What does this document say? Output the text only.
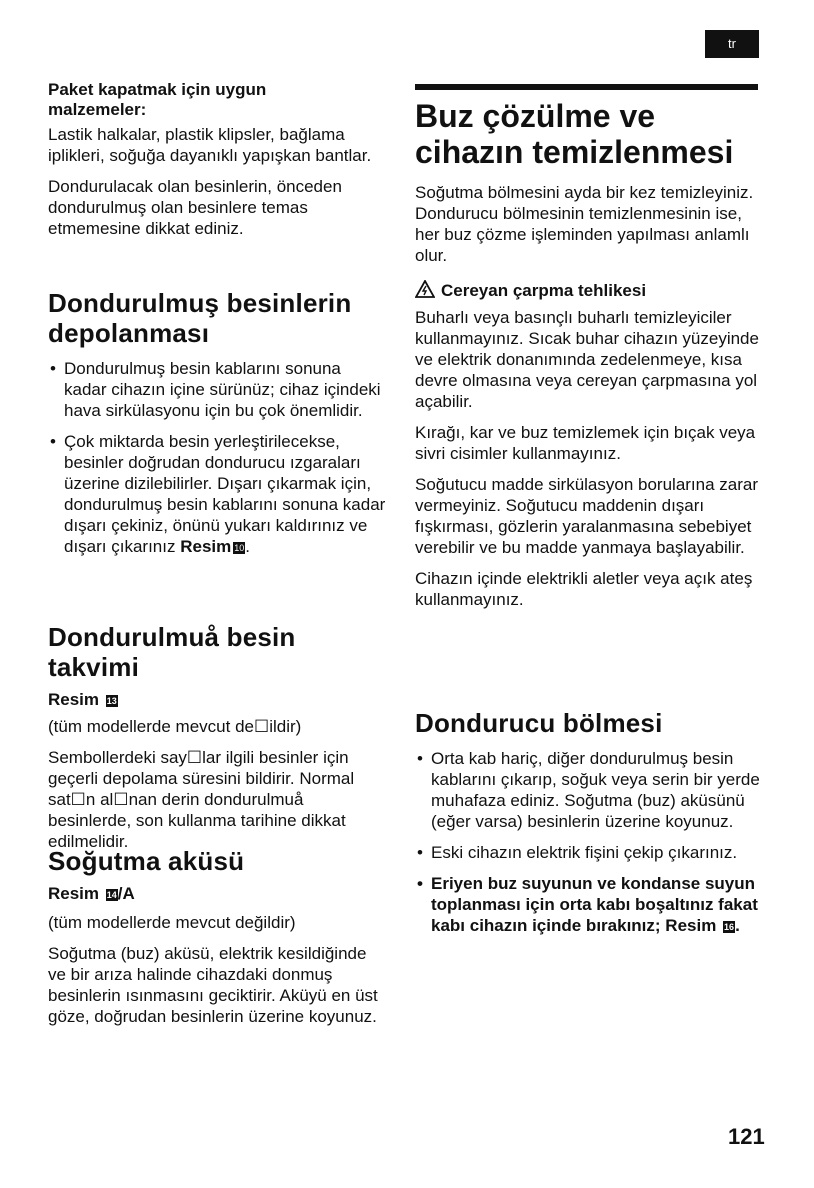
tr
Paket kapatmak için uygun malzemeler:

Lastik halkalar, plastik klipsler, bağlama iplikleri, soğuğa dayanıklı yapışkan bantlar.

Dondurulacak olan besinlerin, önceden dondurulmuş olan besinlere temas etmemesine dikkat ediniz.

Dondurulmuş besinlerin depolanması
• Dondurulmuş besin kablarını sonuna kadar cihazın içine sürünüz; cihaz içindeki hava sirkülasyonu için bu çok önemlidir.
• Çok miktarda besin yerleştirilecekse, besinler doğrudan dondurucu ızgaraları üzerine dizilebilirler. Dışarı çıkarmak için, dondurulmuş besin kablarını sonuna kadar dışarı çekiniz, önünü yukarı kaldırınız ve dışarı çıkarınız Resim 10.
Dondurulmuå besin takvimi
Resim 13

(tüm modellerde mevcut de☐ildir)

Sembollerdeki say☐lar ilgili besinler için geçerli depolama süresini bildirir. Normal sat☐n al☐nan derin dondurulmuå besinlerde, son kullanma tarihine dikkat edilmelidir.

Soğutma aküsü
Resim 14/A

(tüm modellerde mevcut değildir)

Soğutma (buz) aküsü, elektrik kesildiğinde ve bir arıza halinde cihazdaki donmuş besinlerin ısınmasını geciktirir. Aküyü en üst göze, doğrudan besinlerin üzerine koyunuz.

Buz çözülme ve cihazın temizlenmesi

Soğutma bölmesini ayda bir kez temizleyiniz. Dondurucu bölmesinin temizlenmesinin ise, her buz çözme işleminden yapılması anlamlı olur.

Cereyan çarpma tehlikesi

Buharlı veya basınçlı buharlı temizleyiciler kullanmayınız. Sıcak buhar cihazın yüzeyinde ve elektrik donanımında zedelenmeye, kısa devre olmasına veya cereyan çarpmasına yol açabilir.

Kırağı, kar ve buz temizlemek için bıçak veya sivri cisimler kullanmayınız.

Soğutucu madde sirkülasyon borularına zarar vermeyiniz. Soğutucu maddenin dışarı fışkırması, gözlerin yaralanmasına sebebiyet verebilir ve bu madde yanmaya başlayabilir.

Cihazın içinde elektrikli aletler veya açık ateş kullanmayınız.

Dondurucu bölmesi
• Orta kab hariç, diğer dondurulmuş besin kablarını çıkarıp, soğuk veya serin bir yerde muhafaza ediniz. Soğutma (buz) aküsünü (eğer varsa) besinlerin üzerine koyunuz.
• Eski cihazın elektrik fişini çekip çıkarınız.
• Eriyen buz suyunun ve kondanse suyun toplanması için orta kabı boşaltınız fakat kabı cihazın içinde bırakınız; Resim 16.
121
